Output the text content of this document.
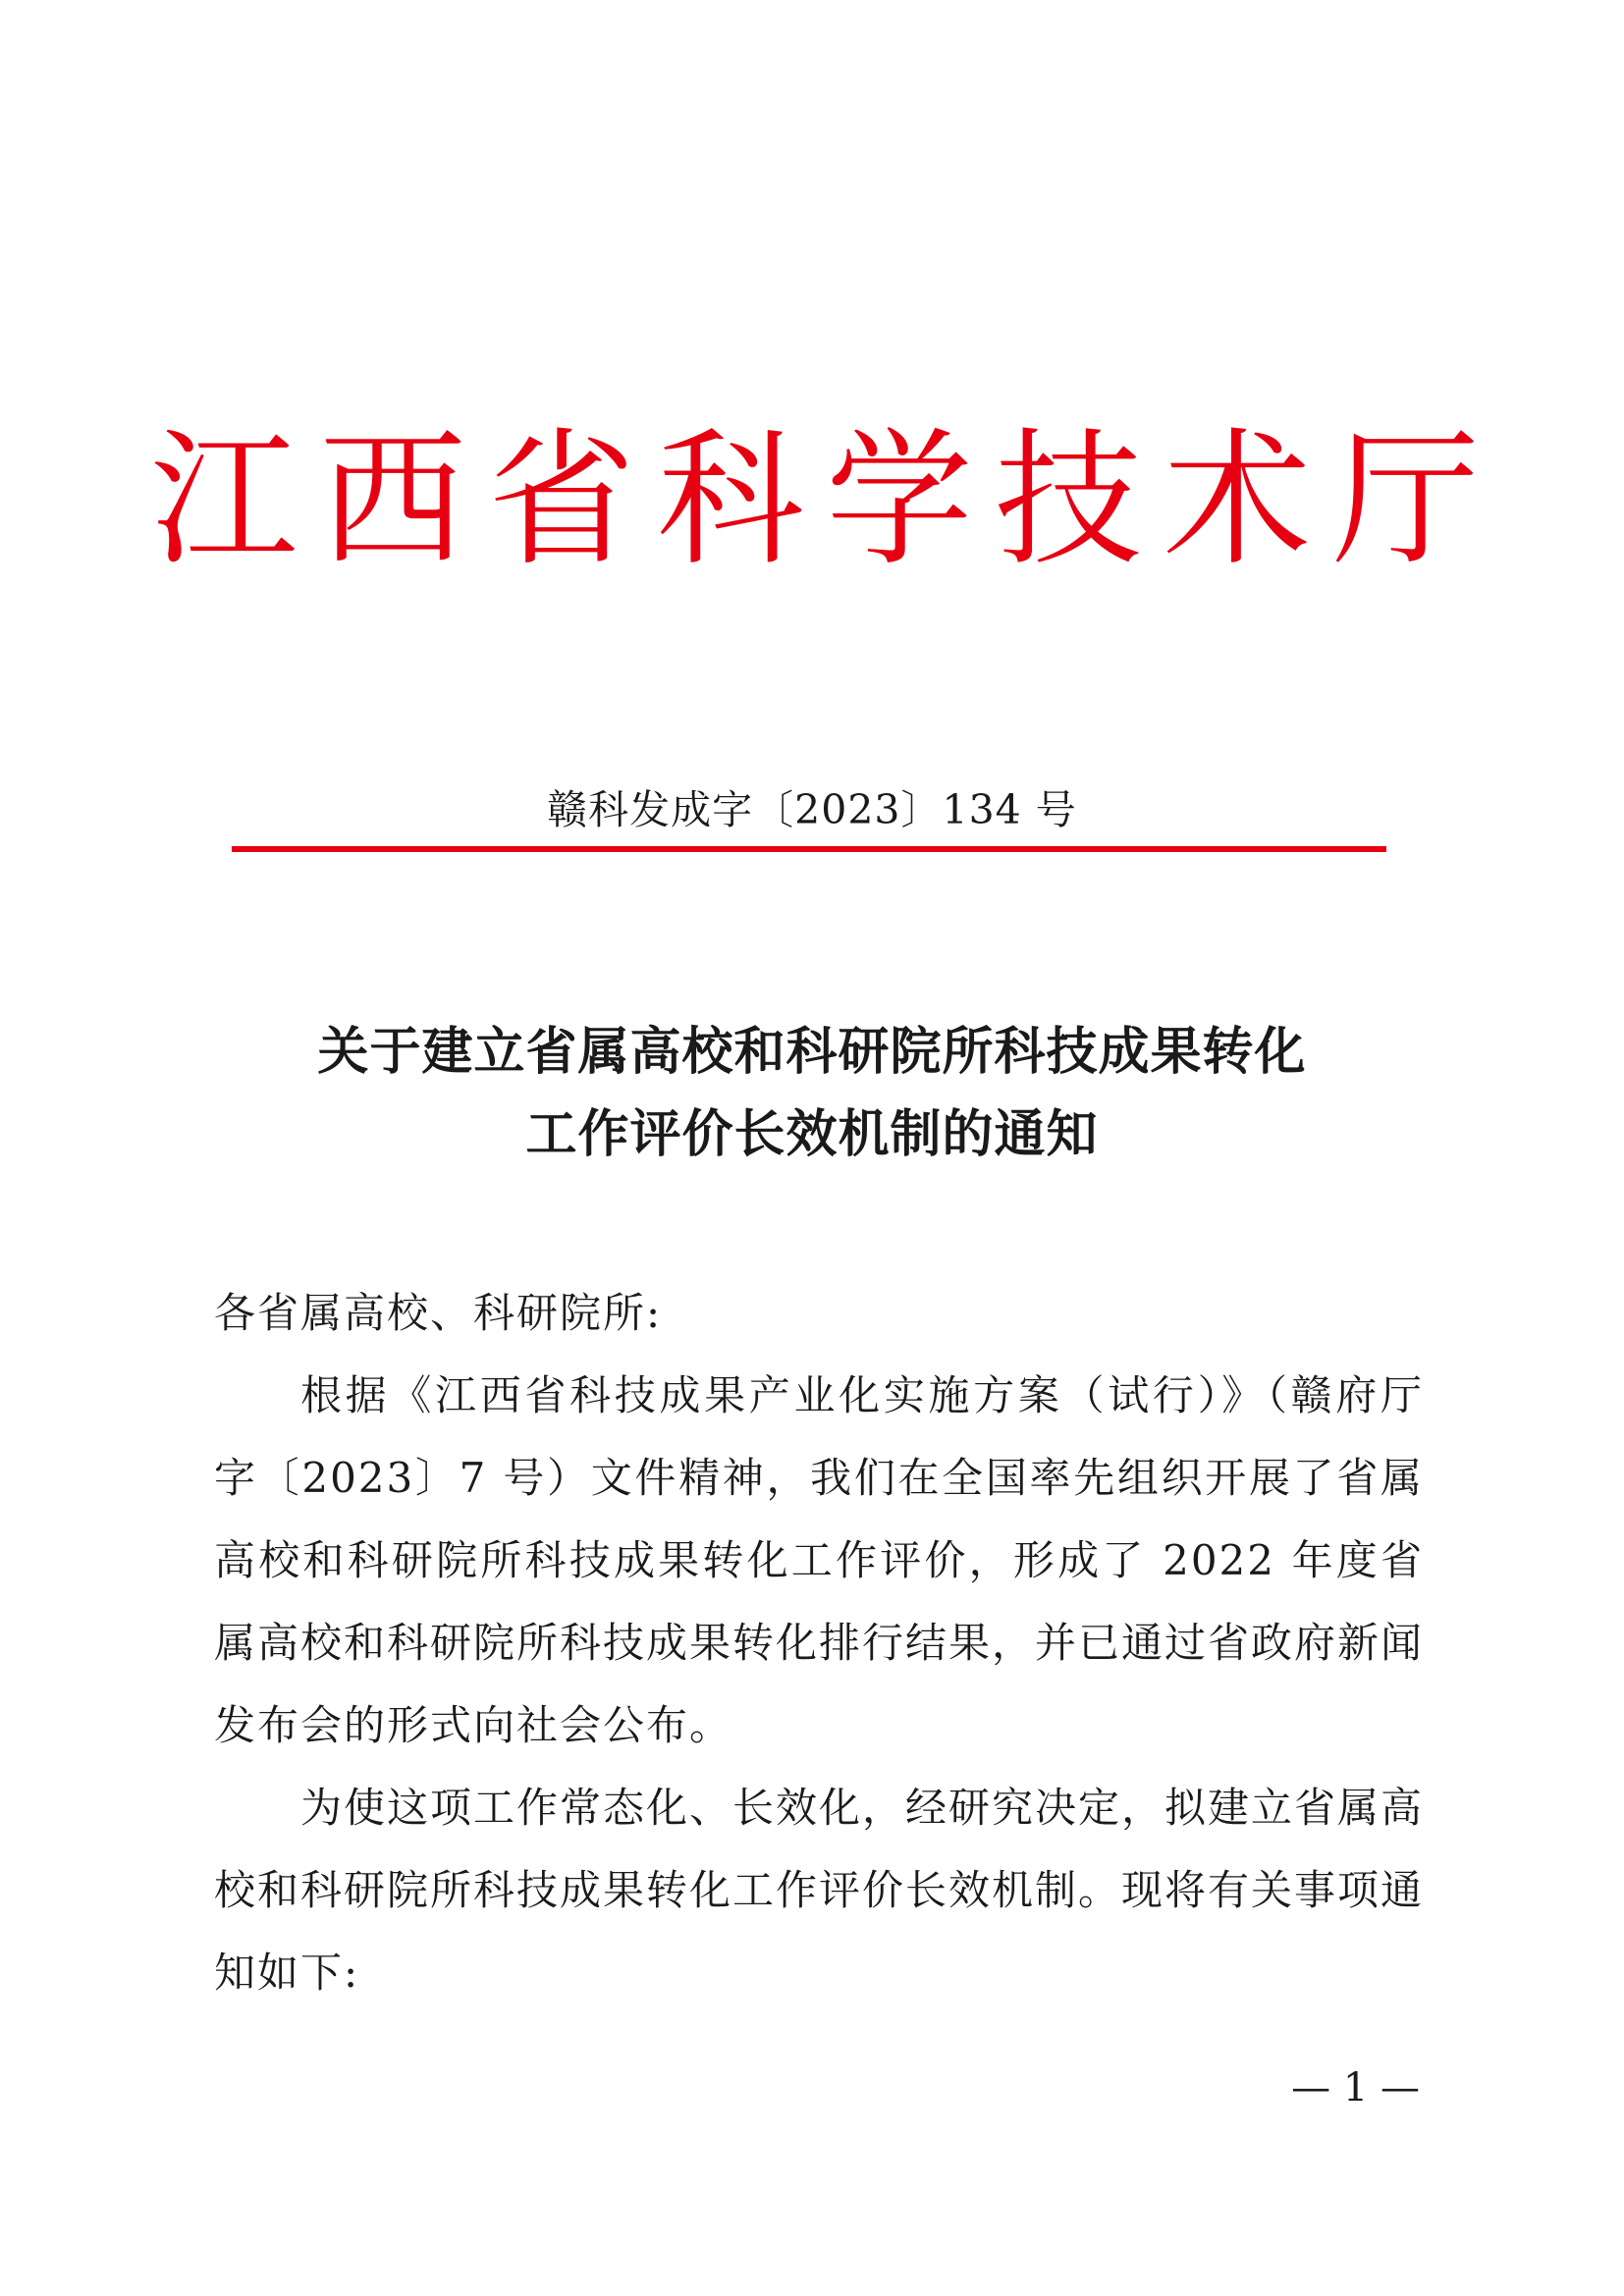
江西省科学技术厅
赣科发成字〔2023〕134 号
关于建立省属高校和科研院所科技成果转化
工作评价长效机制的通知

各省属高校、科研院所:

根据《江西省科技成果产业化实施方案（试行）》（赣府厅字〔2023〕7 号）文件精神，我们在全国率先组织开展了省属高校和科研院所科技成果转化工作评价，形成了 2022 年度省属高校和科研院所科技成果转化排行结果，并已通过省政府新闻发布会的形式向社会公布。

为使这项工作常态化、长效化，经研究决定，拟建立省属高校和科研院所科技成果转化工作评价长效机制。现将有关事项通知如下:

— 1 —
